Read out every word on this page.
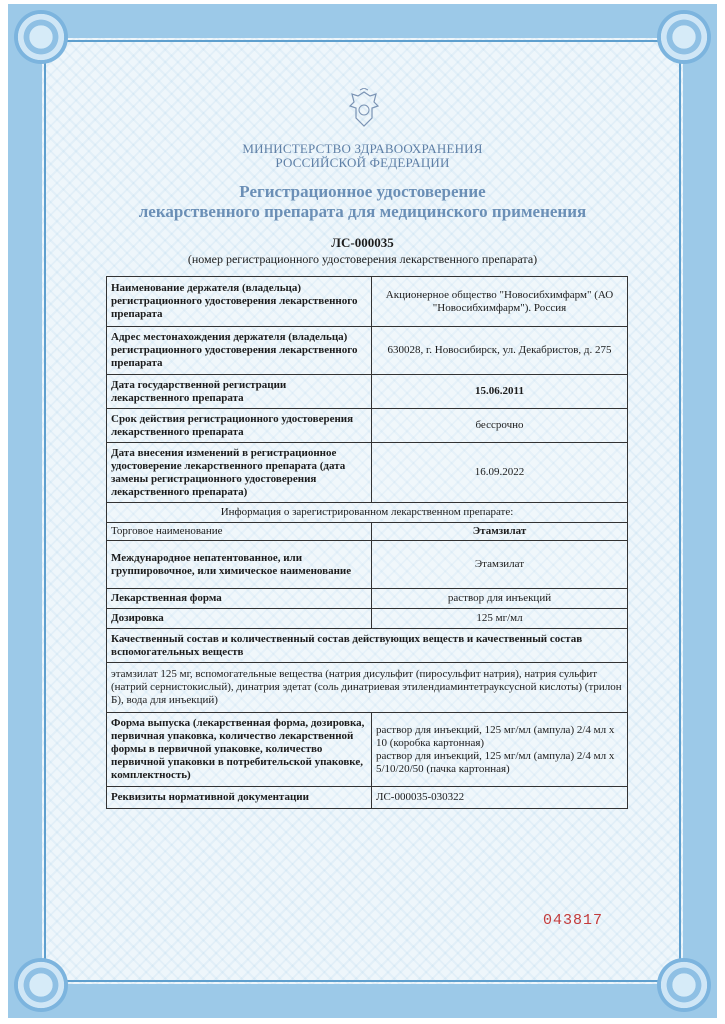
МИНИСТЕРСТВО ЗДРАВООХРАНЕНИЯ
РОССИЙСКОЙ ФЕДЕРАЦИИ
Регистрационное удостоверение
лекарственного препарата для медицинского применения
ЛС-000035
(номер регистрационного удостоверения лекарственного препарата)
Наименование держателя (владельца) регистрационного удостоверения лекарственного препарата	Акционерное общество "Новосибхимфарм" (АО "Новосибхимфарм"). Россия
Адрес местонахождения держателя (владельца) регистрационного удостоверения лекарственного препарата	630028, г. Новосибирск, ул. Декабристов, д. 275
Дата государственной регистрации лекарственного препарата	15.06.2011
Срок действия регистрационного удостоверения лекарственного препарата	бессрочно
Дата внесения изменений в регистрационное удостоверение лекарственного препарата (дата замены регистрационного удостоверения лекарственного препарата)	16.09.2022
Информация о зарегистрированном лекарственном препарате:	
Торговое наименование	Этамзилат
Международное непатентованное, или группировочное, или химическое наименование	Этамзилат
Лекарственная форма	раствор для инъекций
Дозировка	125 мг/мл
Качественный состав и количественный состав действующих веществ и качественный состав вспомогательных веществ	
этамзилат 125 мг, вспомогательные вещества (натрия дисульфит (пиросульфит натрия), натрия сульфит (натрий сернистокислый), динатрия эдетат (соль динатриевая этилендиаминтетрауксусной кислоты) (трилон Б), вода для инъекций)	
Форма выпуска (лекарственная форма, дозировка, первичная упаковка, количество лекарственной формы в первичной упаковке, количество первичной упаковки в потребительской упаковке, комплектность)	раствор для инъекций, 125 мг/мл (ампула) 2/4 мл х 10 (коробка картонная)
раствор для инъекций, 125 мг/мл (ампула) 2/4 мл х 5/10/20/50 (пачка картонная)

Реквизиты нормативной документации	ЛС-000035-030322
043817
